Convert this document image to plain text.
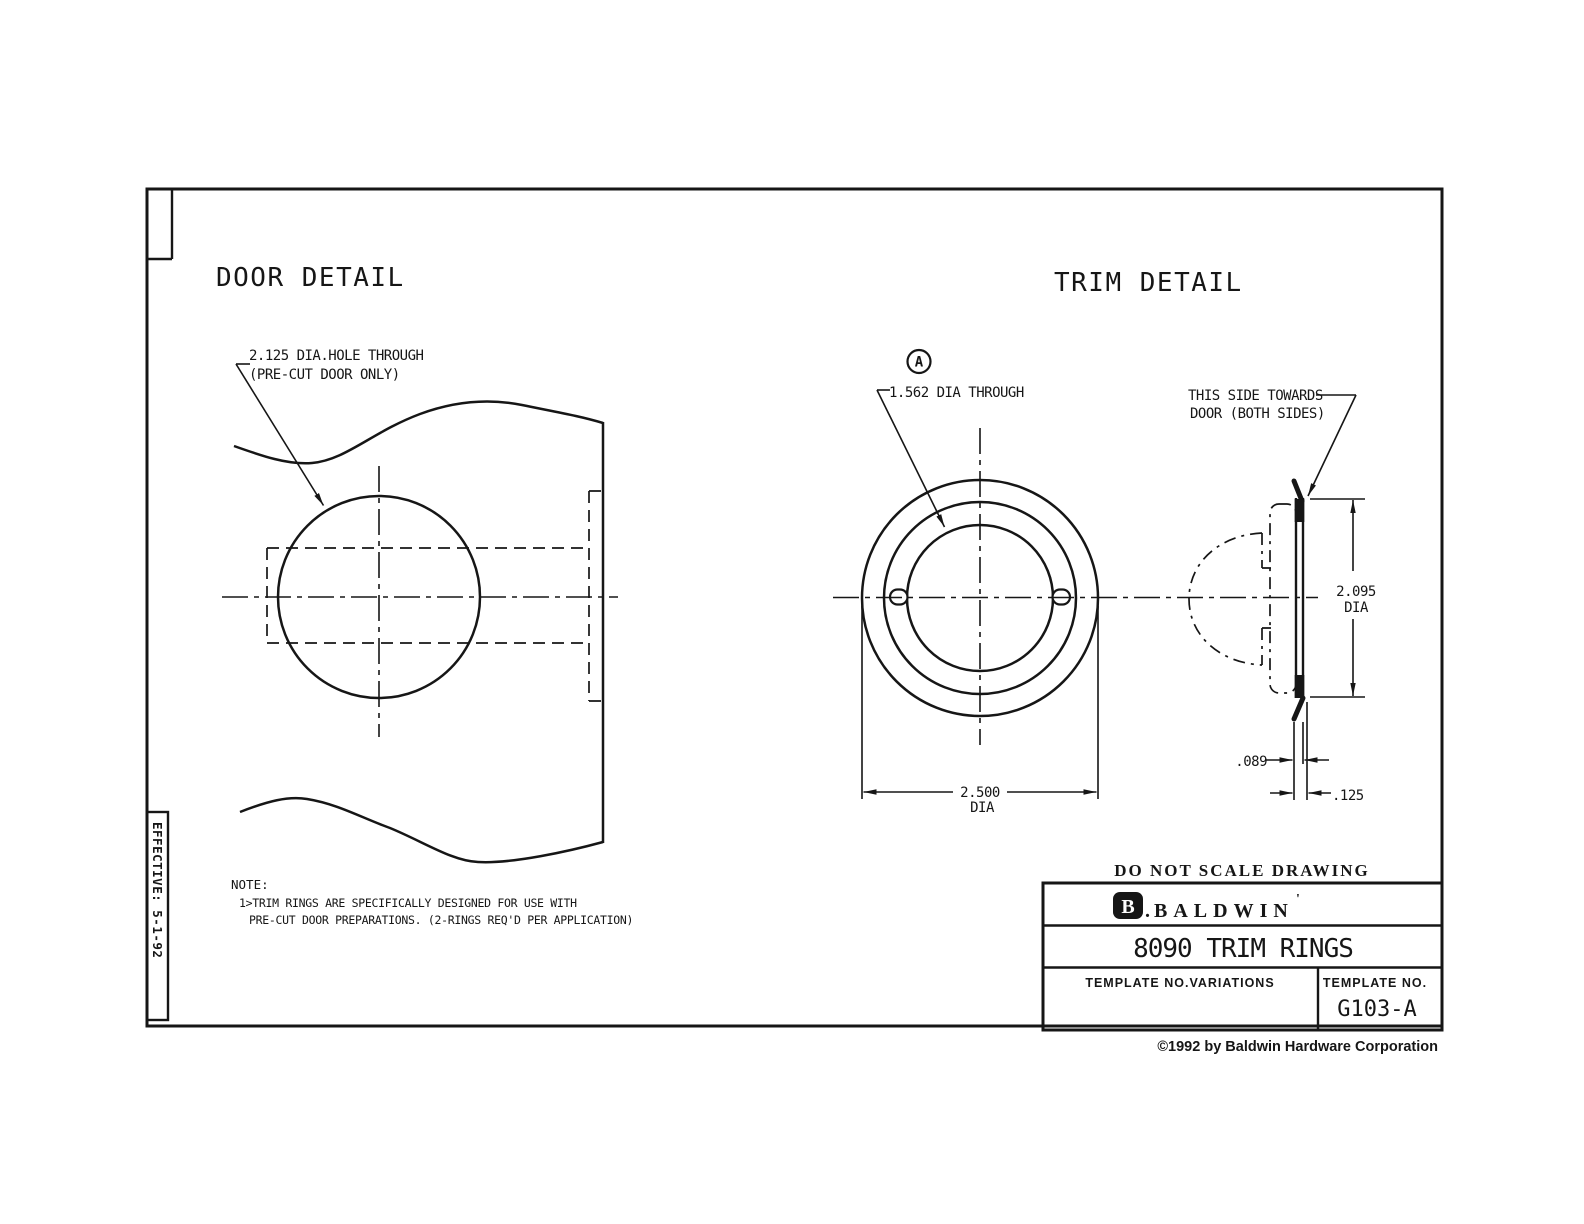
EFFECTIVE: 5-1-92
DOOR DETAIL
2.125 DIA.HOLE THROUGH
(PRE-CUT DOOR ONLY)
TRIM DETAIL
A
1.562 DIA THROUGH
2.500
DIA
THIS SIDE TOWARDS
DOOR (BOTH SIDES)
2.095
DIA
.089
.125
NOTE:
1>TRIM RINGS ARE SPECIFICALLY DESIGNED FOR USE WITH
PRE-CUT DOOR PREPARATIONS. (2-RINGS REQ'D PER APPLICATION)
DO NOT SCALE DRAWING
B . BALDWIN
'
8090 TRIM RINGS
TEMPLATE NO.VARIATIONS	TEMPLATE NO.
G103-A
©1992 by Baldwin Hardware Corporation
